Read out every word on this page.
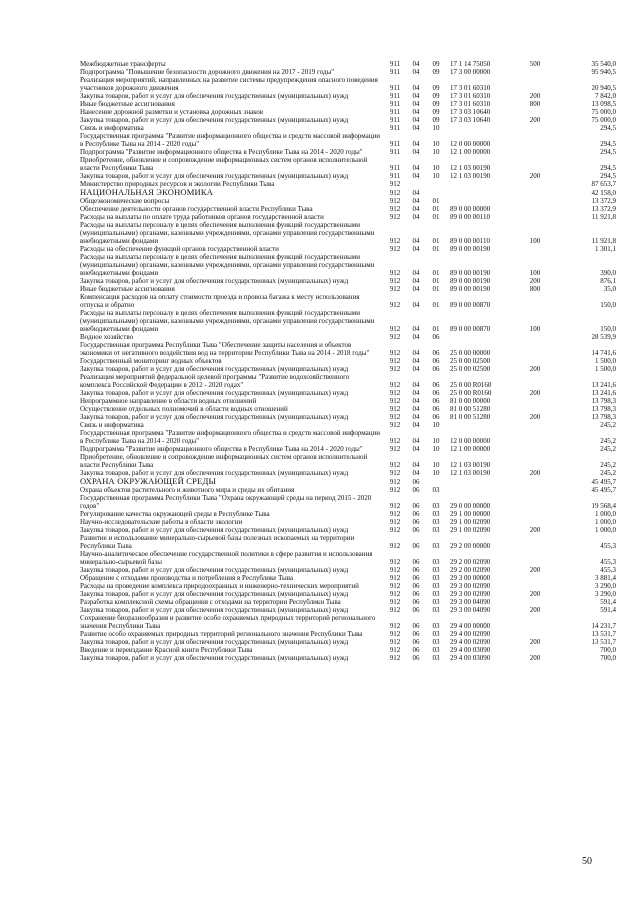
Межбюджетные трансферты	911	04	09	17 1 14 75050	500	35 540,0
Подпрограмма "Повышение безопасности дорожного движения на 2017 - 2019 годы"	911	04	09	17 3 00 00000		95 940,5
Реализация мероприятий, направленных на развитие системы предупреждения опасного поведения участников дорожного движения	911	04	09	17 3 01 60310		20 940,5
Закупка товаров, работ и услуг для обеспечения государственных (муниципальных) нужд	911	04	09	17 3 01 60310	200	7 842,0
Иные бюджетные ассигнования	911	04	09	17 3 01 60310	800	13 098,5
Нанесение дорожной разметки и установка дорожных знаков	911	04	09	17 3 03 10640		75 000,0
Закупка товаров, работ и услуг для обеспечения государственных (муниципальных) нужд	911	04	09	17 3 03 10640	200	75 000,0
Связь и информатика	911	04	10			294,5
Государственная программа "Развитие информационного общества и средств массовой информации в Республике Тыва на 2014 - 2020 годы"	911	04	10	12 0 00 00000		294,5
Подпрограмма "Развитие информационного общества в Республике Тыва на 2014 - 2020 годы"	911	04	10	12 1 00 00000		294,5
Приобретение, обновление и сопровождение информационных систем органов исполнительной власти Республики Тыва	911	04	10	12 1 03 00190		294,5
Закупка товаров, работ и услуг для обеспечения государственных (муниципальных) нужд	911	04	10	12 1 03 00190	200	294,5
Министерство природных ресурсов и экологии Республики Тыва	912					87 653,7
НАЦИОНАЛЬНАЯ ЭКОНОМИКА	912	04				42 158,0
Общеэкономические вопросы	912	04	01			13 372,9
Обеспечение деятельности органов государственной власти Республики Тыва	912	04	01	89 0 00 00000		13 372,9
Расходы на выплаты по оплате труда работников органов государственной власти	912	04	01	89 0 00 00110		11 921,8
Расходы на выплаты персоналу в целях обеспечения выполнения функций государственными (муниципальными) органами, казенными учреждениями, органами управления государственными внебюджетными фондами	912	04	01	89 0 00 00110	100	11 921,8
Расходы на обеспечение функций органов государственной власти	912	04	01	89 0 00 00190		1 301,1
Расходы на выплаты персоналу в целях обеспечения выполнения функций государственными (муниципальными) органами, казенными учреждениями, органами управления государственными внебюджетными фондами	912	04	01	89 0 00 00190	100	390,0
Закупка товаров, работ и услуг для обеспечения государственных (муниципальных) нужд	912	04	01	89 0 00 00190	200	876,1
Иные бюджетные ассигнования	912	04	01	89 0 00 00190	800	35,0
Компенсация расходов на оплату стоимости проезда и провоза багажа к месту использования отпуска и обратно	912	04	01	89 0 00 00870		150,0
Расходы на выплаты персоналу в целях обеспечения выполнения функций государственными (муниципальными) органами, казенными учреждениями, органами управления государственными внебюджетными фондами	912	04	01	89 0 00 00870	100	150,0
Водное хозяйство	912	04	06			28 539,9
Государственная программа Республики Тыва "Обеспечение защиты населения и объектов экономики от негативного воздействия вод на территории Республики Тыва на 2014 - 2018 годы"	912	04	06	25 0 00 00000		14 741,6
Государственный мониторинг водных объектов	912	04	06	25 0 00 02500		1 500,0
Закупка товаров, работ и услуг для обеспечения государственных (муниципальных) нужд	912	04	06	25 0 00 02500	200	1 500,0
Реализация мероприятий федеральной целевой программы "Развитие водохозяйственного комплекса Российской Федерации в 2012 - 2020 годах"	912	04	06	25 0 00 R0160		13 241,6
Закупка товаров, работ и услуг для обеспечения государственных (муниципальных) нужд	912	04	06	25 0 00 R0160	200	13 241,6
Непрограммное направление в области водных отношений	912	04	06	81 0 00 00000		13 798,3
Осуществление отдельных полномочий в области водных отношений	912	04	06	81 0 00 51280		13 798,3
Закупка товаров, работ и услуг для обеспечения государственных (муниципальных) нужд	912	04	06	81 0 00 51280	200	13 798,3
Связь и информатика	912	04	10			245,2
Государственная программа "Развитие информационного общества и средств массовой информации в Республике Тыва на 2014 - 2020 годы"	912	04	10	12 0 00 00000		245,2
Подпрограмма "Развитие информационного общества в Республике Тыва на 2014 - 2020 годы"	912	04	10	12 1 00 00000		245,2
Приобретение, обновление и сопровождение информационных систем органов исполнительной власти Республики Тыва	912	04	10	12 1 03 00190		245,2
Закупка товаров, работ и услуг для обеспечения государственных (муниципальных) нужд	912	04	10	12 1 03 00190	200	245,2
ОХРАНА ОКРУЖАЮЩЕЙ СРЕДЫ	912	06				45 495,7
Охрана объектов растительного и животного мира и среды их обитания	912	06	03			45 495,7
Государственная программа Республики Тыва "Охрана окружающей среды на период 2015 - 2020 годов"	912	06	03	29 0 00 00000		19 568,4
Регулирование качества окружающей среды в Республике Тыва	912	06	03	29 1 00 00000		1 000,0
Научно-исследовательские работы в области экологии	912	06	03	29 1 00 02090		1 000,0
Закупка товаров, работ и услуг для обеспечения государственных (муниципальных) нужд	912	06	03	29 1 00 02090	200	1 000,0
Развитие и использование минерально-сырьевой базы полезных ископаемых на территории Республики Тыва	912	06	03	29 2 00 00000		455,3
Научно-аналитическое обеспечение государственной политики в сфере развития и использования минерально-сырьевой базы	912	06	03	29 2 00 02090		455,3
Закупка товаров, работ и услуг для обеспечения государственных (муниципальных) нужд	912	06	03	29 2 00 02090	200	455,3
Обращение с отходами производства и потребления в Республике Тыва	912	06	03	29 3 00 00000		3 881,4
Расходы на проведение комплекса природоохранных и инженерно-технических мероприятий	912	06	03	29 3 00 02090		3 290,0
Закупка товаров, работ и услуг для обеспечения государственных (муниципальных) нужд	912	06	03	29 3 00 02090	200	3 290,0
Разработка комплексной схемы обращения с отходами на территории Республики Тыва	912	06	03	29 3 00 04090		591,4
Закупка товаров, работ и услуг для обеспечения государственных (муниципальных) нужд	912	06	03	29 3 00 04090	200	591,4
Сохранение биоразнообразия и развитие особо охраняемых природных территорий регионального значения Республики Тыва	912	06	03	29 4 00 00000		14 231,7
Развитие особо охраняемых природных территорий регионального значения Республики Тыва	912	06	03	29 4 00 02090		13 531,7
Закупка товаров, работ и услуг для обеспечения государственных (муниципальных) нужд	912	06	03	29 4 00 02090	200	13 531,7
Введение и переиздание Красной книги Республики Тыва	912	06	03	29 4 00 03090		700,0
Закупка товаров, работ и услуг для обеспечения государственных (муниципальных) нужд	912	06	03	29 4 00 03090	200	700,0
50
